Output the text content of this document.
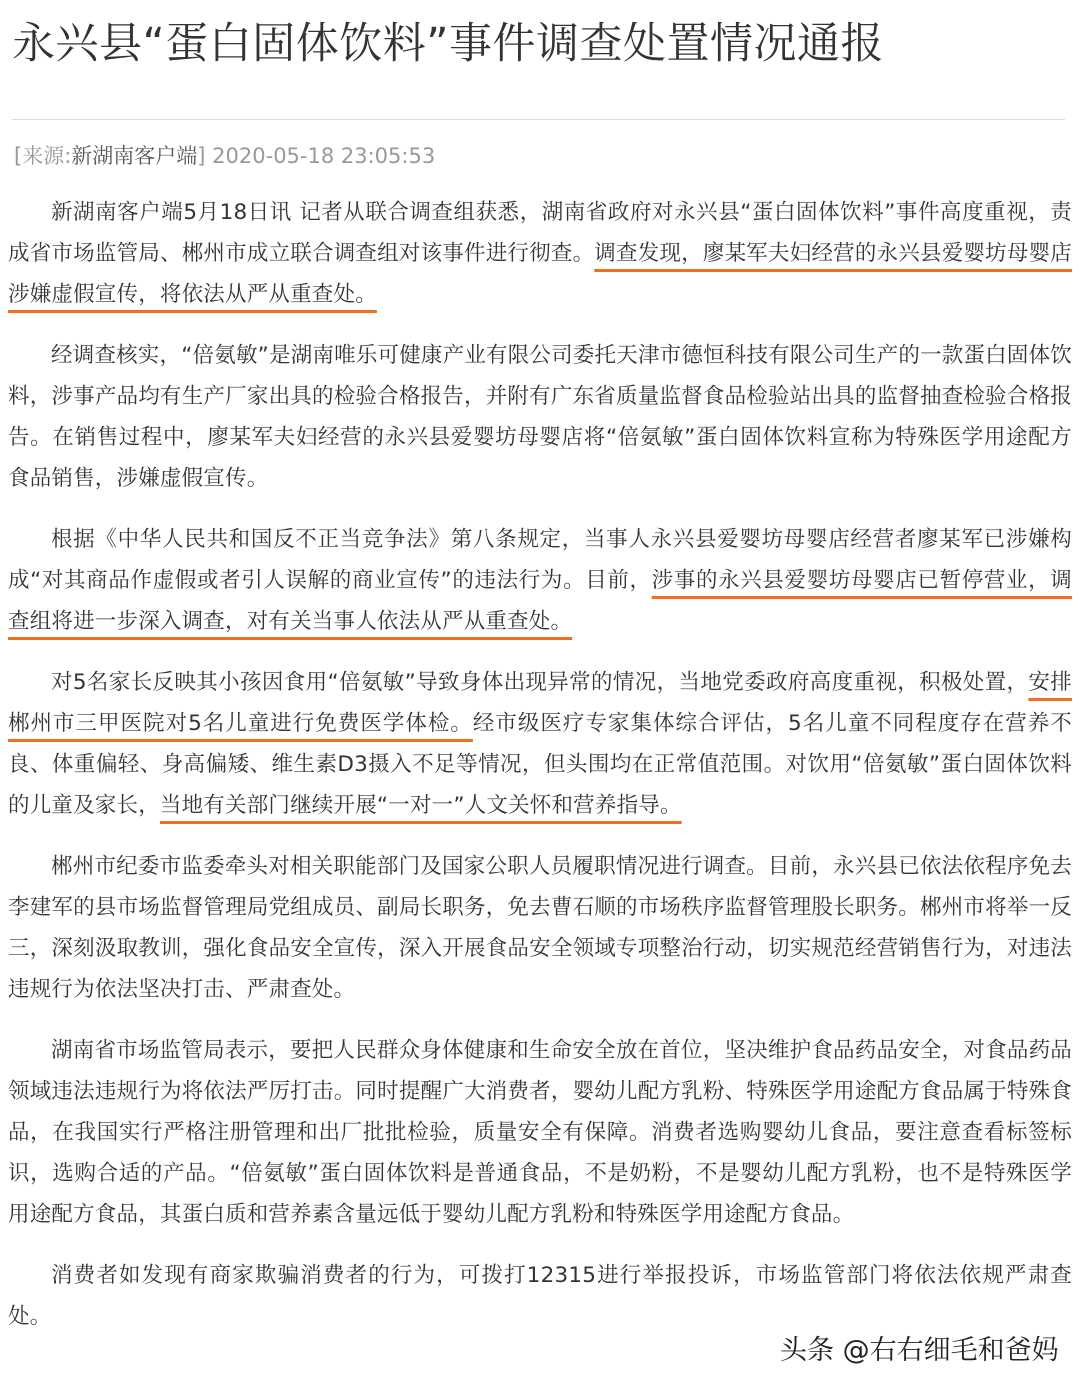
永兴县“蛋白固体饮料”事件调查处置情况通报
[来源:新湖南客户端] 2020-05-18 23:05:53

新湖南客户端5月18日讯 记者从联合调查组获悉，湖南省政府对永兴县“蛋白固体饮料”事件高度重视，责成省市场监管局、郴州市成立联合调查组对该事件进行彻查。调查发现，廖某军夫妇经营的永兴县爱婴坊母婴店涉嫌虚假宣传，将依法从严从重查处。

经调查核实，“倍氨敏”是湖南唯乐可健康产业有限公司委托天津市德恒科技有限公司生产的一款蛋白固体饮料，涉事产品均有生产厂家出具的检验合格报告，并附有广东省质量监督食品检验站出具的监督抽查检验合格报告。在销售过程中，廖某军夫妇经营的永兴县爱婴坊母婴店将“倍氨敏”蛋白固体饮料宣称为特殊医学用途配方食品销售，涉嫌虚假宣传。

根据《中华人民共和国反不正当竞争法》第八条规定，当事人永兴县爱婴坊母婴店经营者廖某军已涉嫌构成“对其商品作虚假或者引人误解的商业宣传”的违法行为。目前，涉事的永兴县爱婴坊母婴店已暂停营业，调查组将进一步深入调查，对有关当事人依法从严从重查处。

对5名家长反映其小孩因食用“倍氨敏”导致身体出现异常的情况，当地党委政府高度重视，积极处置，安排郴州市三甲医院对5名儿童进行免费医学体检。经市级医疗专家集体综合评估，5名儿童不同程度存在营养不良、体重偏轻、身高偏矮、维生素D3摄入不足等情况，但头围均在正常值范围。对饮用“倍氨敏”蛋白固体饮料的儿童及家长，当地有关部门继续开展“一对一”人文关怀和营养指导。

郴州市纪委市监委牵头对相关职能部门及国家公职人员履职情况进行调查。目前，永兴县已依法依程序免去李建军的县市场监督管理局党组成员、副局长职务，免去曹石顺的市场秩序监督管理股长职务。郴州市将举一反三，深刻汲取教训，强化食品安全宣传，深入开展食品安全领域专项整治行动，切实规范经营销售行为，对违法违规行为依法坚决打击、严肃查处。

湖南省市场监管局表示，要把人民群众身体健康和生命安全放在首位，坚决维护食品药品安全，对食品药品领域违法违规行为将依法严厉打击。同时提醒广大消费者，婴幼儿配方乳粉、特殊医学用途配方食品属于特殊食品，在我国实行严格注册管理和出厂批批检验，质量安全有保障。消费者选购婴幼儿食品，要注意查看标签标识，选购合适的产品。“倍氨敏”蛋白固体饮料是普通食品，不是奶粉，不是婴幼儿配方乳粉，也不是特殊医学用途配方食品，其蛋白质和营养素含量远低于婴幼儿配方乳粉和特殊医学用途配方食品。

消费者如发现有商家欺骗消费者的行为，可拨打12315进行举报投诉，市场监管部门将依法依规严肃查处。

头条 @右右细毛和爸妈
